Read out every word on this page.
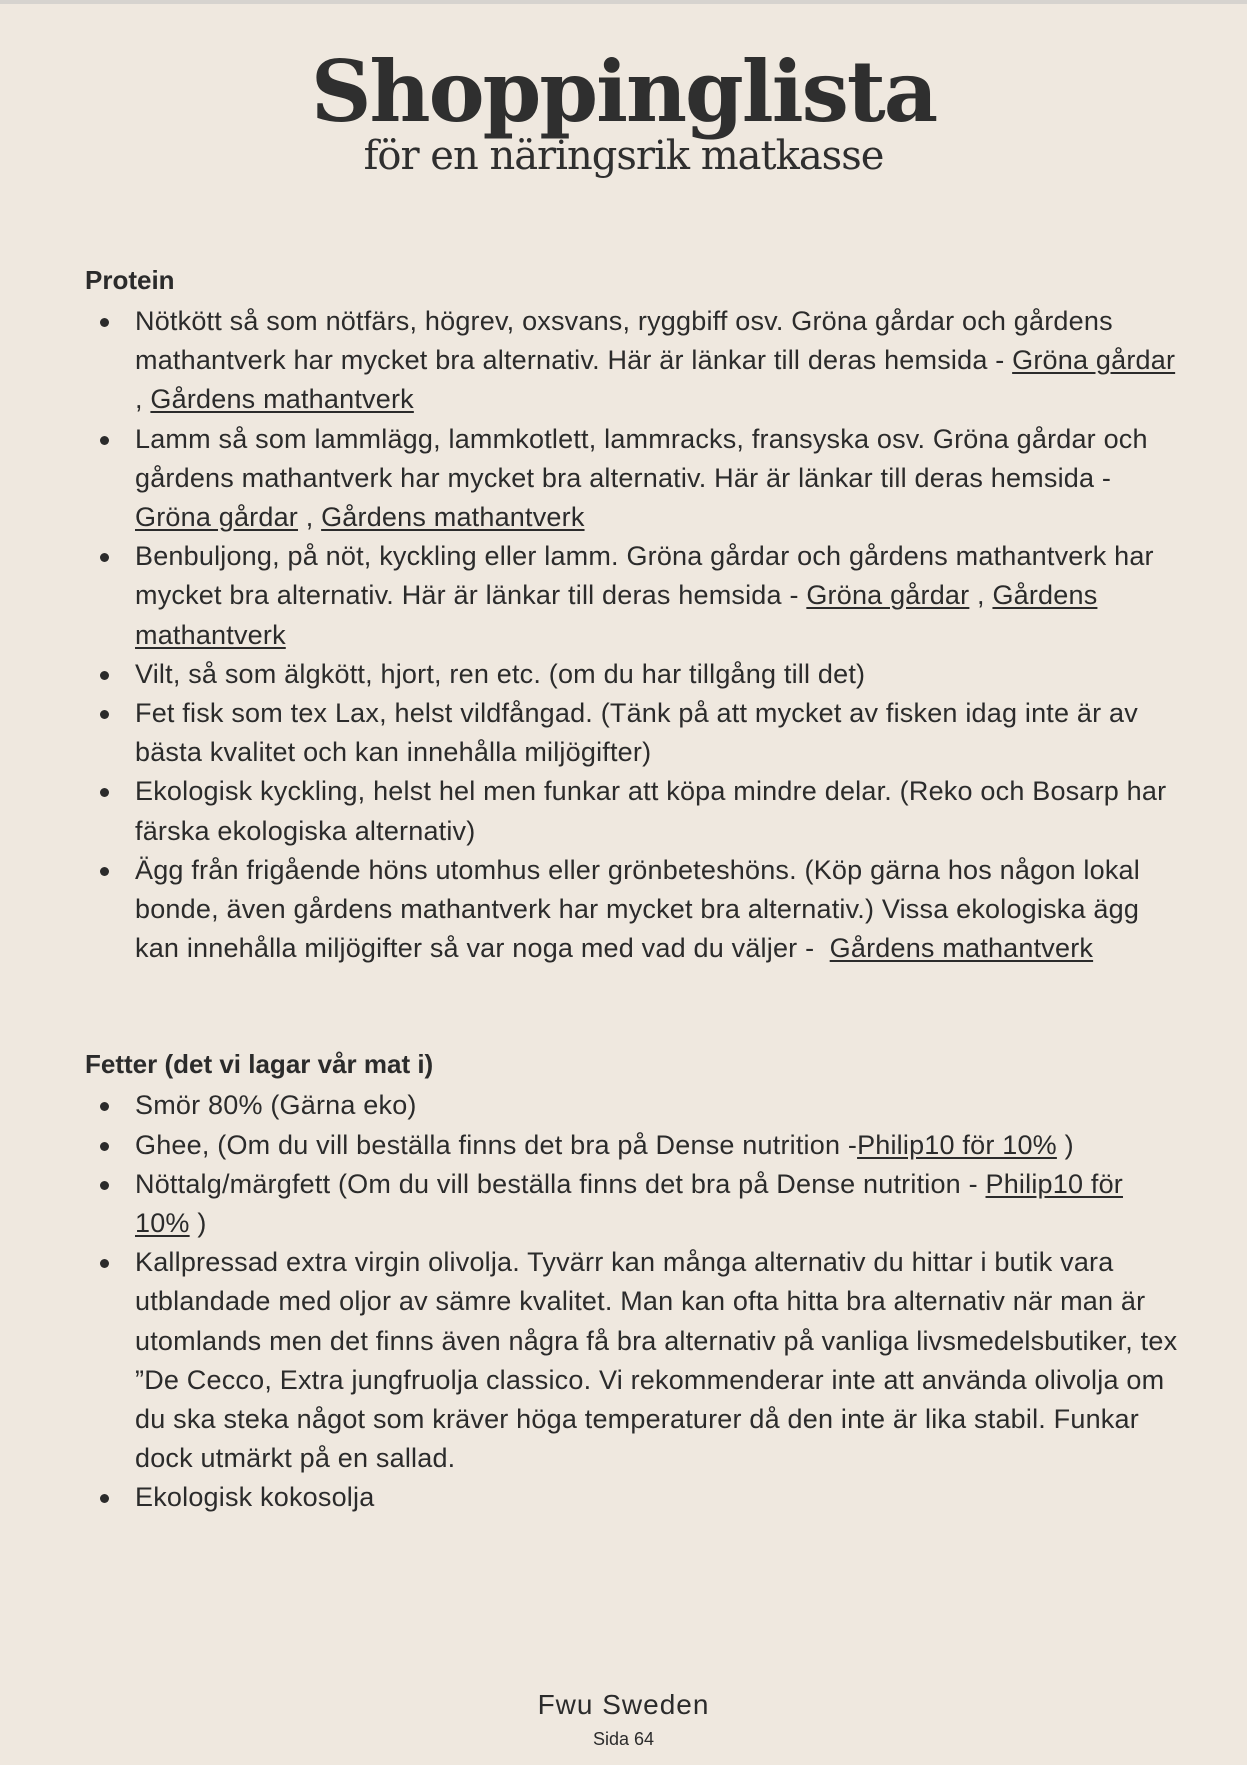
Shoppinglista
för en näringsrik matkasse
Protein
Nötkött så som nötfärs, högrev, oxsvans, ryggbiff osv. Gröna gårdar och gårdens mathantverk har mycket bra alternativ. Här är länkar till deras hemsida - Gröna gårdar , Gårdens mathantverk
Lamm så som lammlägg, lammkotlett, lammracks, fransyska osv. Gröna gårdar och gårdens mathantverk har mycket bra alternativ. Här är länkar till deras hemsida - Gröna gårdar , Gårdens mathantverk
Benbuljong, på nöt, kyckling eller lamm. Gröna gårdar och gårdens mathantverk har mycket bra alternativ. Här är länkar till deras hemsida - Gröna gårdar , Gårdens mathantverk
Vilt, så som älgkött, hjort, ren etc. (om du har tillgång till det)
Fet fisk som tex Lax, helst vildfångad. (Tänk på att mycket av fisken idag inte är av bästa kvalitet och kan innehålla miljögifter)
Ekologisk kyckling, helst hel men funkar att köpa mindre delar. (Reko och Bosarp har färska ekologiska alternativ)
Ägg från frigående höns utomhus eller grönbeteshöns. (Köp gärna hos någon lokal bonde, även gårdens mathantverk har mycket bra alternativ.) Vissa ekologiska ägg kan innehålla miljögifter så var noga med vad du väljer -  Gårdens mathantverk
Fetter (det vi lagar vår mat i)
Smör 80% (Gärna eko)
Ghee, (Om du vill beställa finns det bra på Dense nutrition -Philip10 för 10% )
Nöttalg/märgfett (Om du vill beställa finns det bra på Dense nutrition - Philip10 för 10% )
Kallpressad extra virgin olivolja. Tyvärr kan många alternativ du hittar i butik vara utblandade med oljor av sämre kvalitet. Man kan ofta hitta bra alternativ när man är utomlands men det finns även några få bra alternativ på vanliga livsmedelsbutiker, tex ”De Cecco, Extra jungfruolja classico. Vi rekommenderar inte att använda olivolja om du ska steka något som kräver höga temperaturer då den inte är lika stabil. Funkar dock utmärkt på en sallad.
Ekologisk kokosolja
Fwu Sweden
Sida 64
